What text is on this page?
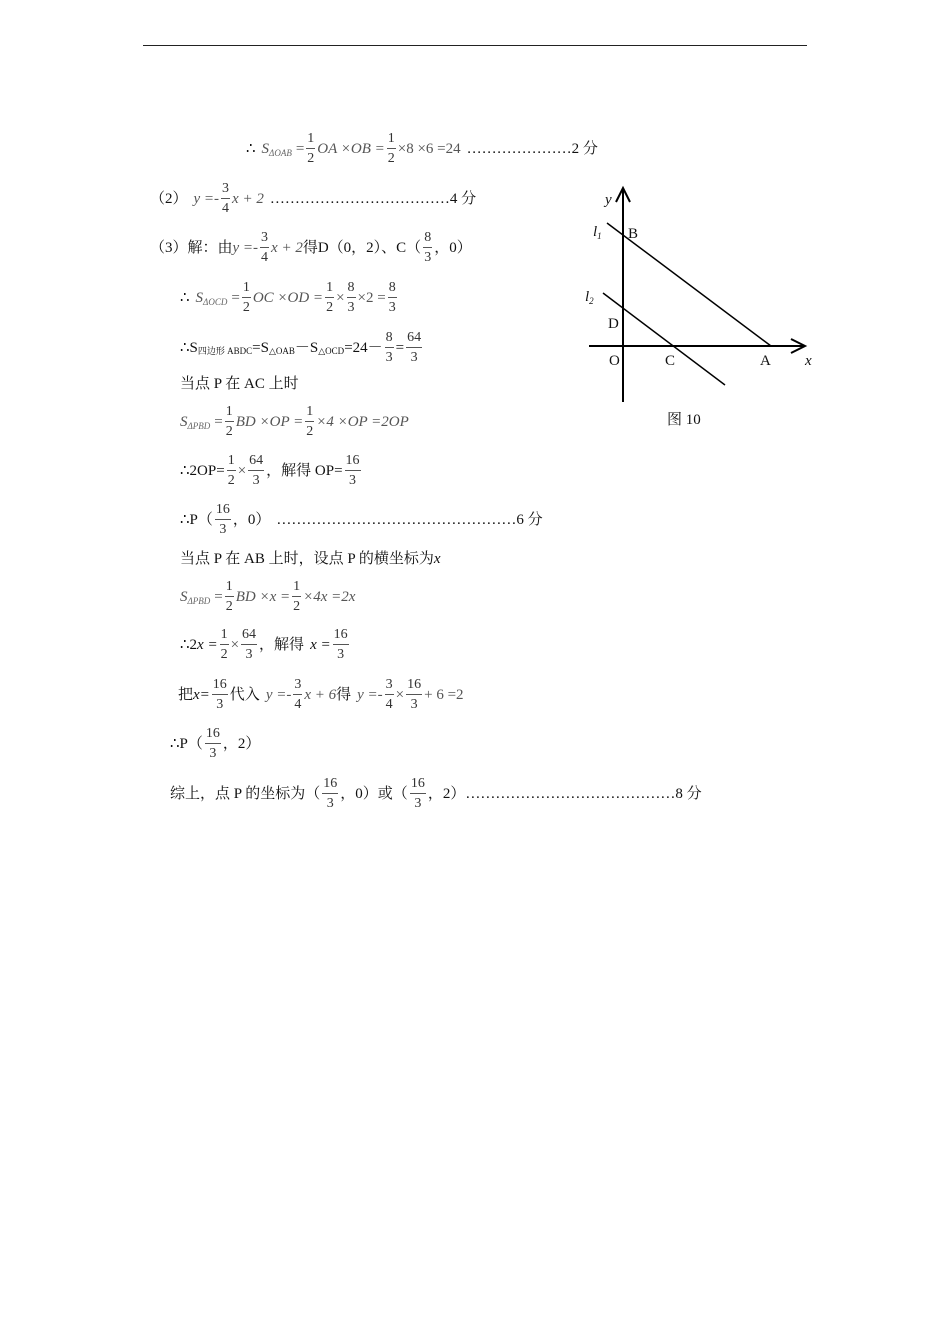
∴ S $\Delta OAB = \frac{1}{2}$ OA $\times OB = \frac{1}{2} \times 8 \times 6 =24$ …………………2 分
（2） y =-
3
4
x + 2 ………………………………4 分
（3）解：由 y =-
3
4
x + 2 得 D（0，2）、C（
8
3
，0）
∴ S $\Delta OCD = \frac{1}{2}$ OC $\times OD = \frac{1}{2} \times \frac{8}{3} \times 2 = \frac{8}{3}$
∴S 四边形 ABDC =S △OAB －S △OCD $=24- \frac{8}{3} = \frac{64}{3}$
当点 P 在 AC 上时
S $\Delta PBD = \frac{1}{2}$ BD $\times OP = \frac{1}{2} \times 4 \times OP =2OP$
∴2OP= $\frac{1}{2} \times \frac{64}{3}$ ，解得 $OP= \frac{16}{3}$
∴P（
16
3
，0） …………………………………………6 分
当点 P 在 AB 上时，设点 P 的横坐标为 x
S $\Delta PBD = \frac{1}{2}$ BD $\times x = \frac{1}{2} \times 4x =2x$
∴2 $x = \frac{1}{2} \times \frac{64}{3}$ ，解得 $x = \frac{16}{3}$
把 $x= \frac{16}{3}$ 代入 y =-
3
4
x + 6 得 $y =- \frac{3}{4} \times \frac{16}{3} + 6 =2$
∴P（
16
3
，2）
综上，点 P 的坐标为（
16
3
，0）或（
16
3
，2） ……………………………………8 分
y
x
$l_1$
$l_2$
B
D
O	C	A
图 10
